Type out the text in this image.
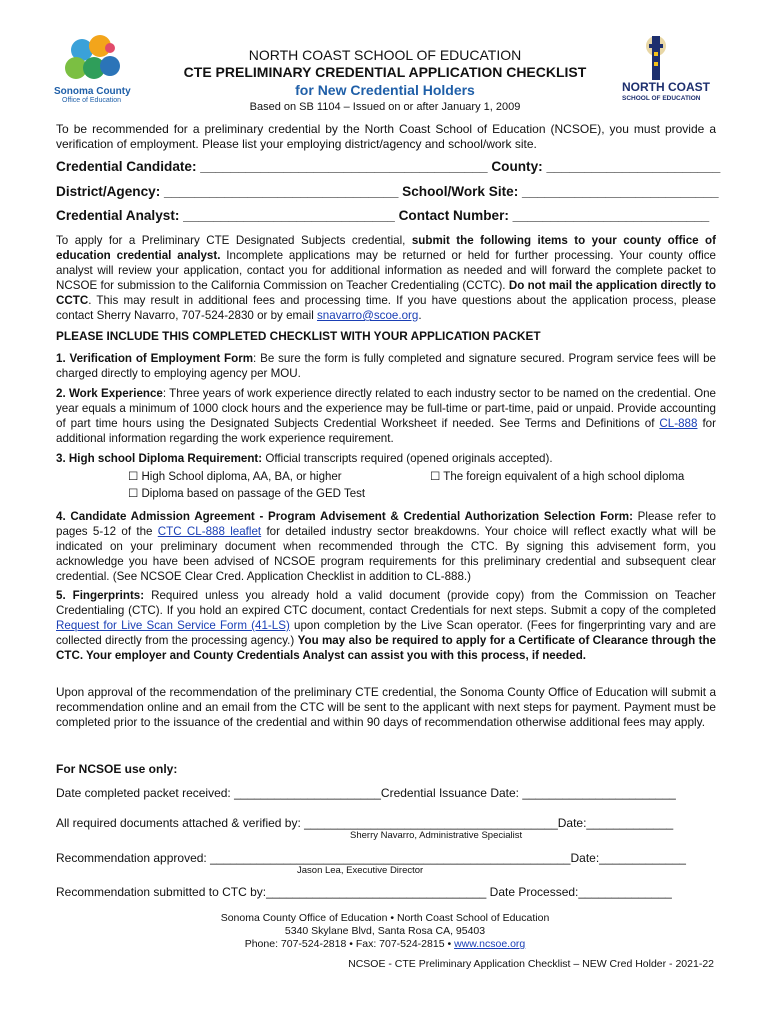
Sonoma County
Office of Education
NORTH COAST
SCHOOL OF EDUCATION
NORTH COAST SCHOOL OF EDUCATION
CTE PRELIMINARY CREDENTIAL APPLICATION CHECKLIST
for New Credential Holders
Based on SB 1104 – Issued on or after January 1, 2009
To be recommended for a preliminary credential by the North Coast School of Education (NCSOE), you must provide a verification of employment. Please list your employing district/agency and school/work site.
Credential Candidate: ______________________________________ County: _______________________
District/Agency: _______________________________ School/Work Site: __________________________
Credential Analyst: ____________________________ Contact Number: __________________________
To apply for a Preliminary CTE Designated Subjects credential, submit the following items to your county office of education credential analyst. Incomplete applications may be returned or held for further processing. Your county office analyst will review your application, contact you for additional information as needed and will forward the complete packet to NCSOE for submission to the California Commission on Teacher Credentialing (CCTC). Do not mail the application directly to CCTC. This may result in additional fees and processing time. If you have questions about the application process, please contact Sherry Navarro, 707-524-2830 or by email snavarro@scoe.org.
PLEASE INCLUDE THIS COMPLETED CHECKLIST WITH YOUR APPLICATION PACKET
1. Verification of Employment Form: Be sure the form is fully completed and signature secured. Program service fees will be charged directly to employing agency per MOU.
2. Work Experience: Three years of work experience directly related to each industry sector to be named on the credential. One year equals a minimum of 1000 clock hours and the experience may be full-time or part-time, paid or unpaid. Provide accounting of part time hours using the Designated Subjects Credential Worksheet if needed. See Terms and Definitions of CL-888 for additional information regarding the work experience requirement.
3. High school Diploma Requirement: Official transcripts required (opened originals accepted).
☐ High School diploma, AA, BA, or higher
☐ Diploma based on passage of the GED Test
☐ The foreign equivalent of a high school diploma
4. Candidate Admission Agreement - Program Advisement & Credential Authorization Selection Form: Please refer to pages 5-12 of the CTC CL-888 leaflet for detailed industry sector breakdowns. Your choice will reflect exactly what will be indicated on your preliminary document when recommended through the CTC. By signing this advisement form, you acknowledge you have been advised of NCSOE program requirements for this preliminary credential and subsequent clear credential. (See NCSOE Clear Cred. Application Checklist in addition to CL-888.)
5. Fingerprints: Required unless you already hold a valid document (provide copy) from the Commission on Teacher Credentialing (CTC). If you hold an expired CTC document, contact Credentials for next steps. Submit a copy of the completed Request for Live Scan Service Form (41-LS) upon completion by the Live Scan operator. (Fees for fingerprinting vary and are collected directly from the processing agency.) You may also be required to apply for a Certificate of Clearance through the CTC. Your employer and County Credentials Analyst can assist you with this process, if needed.
Upon approval of the recommendation of the preliminary CTE credential, the Sonoma County Office of Education will submit a recommendation online and an email from the CTC will be sent to the applicant with next steps for payment. Payment must be completed prior to the issuance of the credential and within 90 days of recommendation otherwise additional fees may apply.
For NCSOE use only:
Date completed packet received: ______________________Credential Issuance Date: _______________________
All required documents attached & verified by: ______________________________________Date:_____________
Sherry Navarro, Administrative Specialist
Recommendation approved: ______________________________________________________Date:_____________
Jason Lea, Executive Director
Recommendation submitted to CTC by:_________________________________ Date Processed:______________
Sonoma County Office of Education • North Coast School of Education
5340 Skylane Blvd, Santa Rosa CA, 95403
Phone: 707-524-2818 • Fax: 707-524-2815 • www.ncsoe.org
NCSOE - CTE Preliminary Application Checklist – NEW Cred Holder - 2021-22
